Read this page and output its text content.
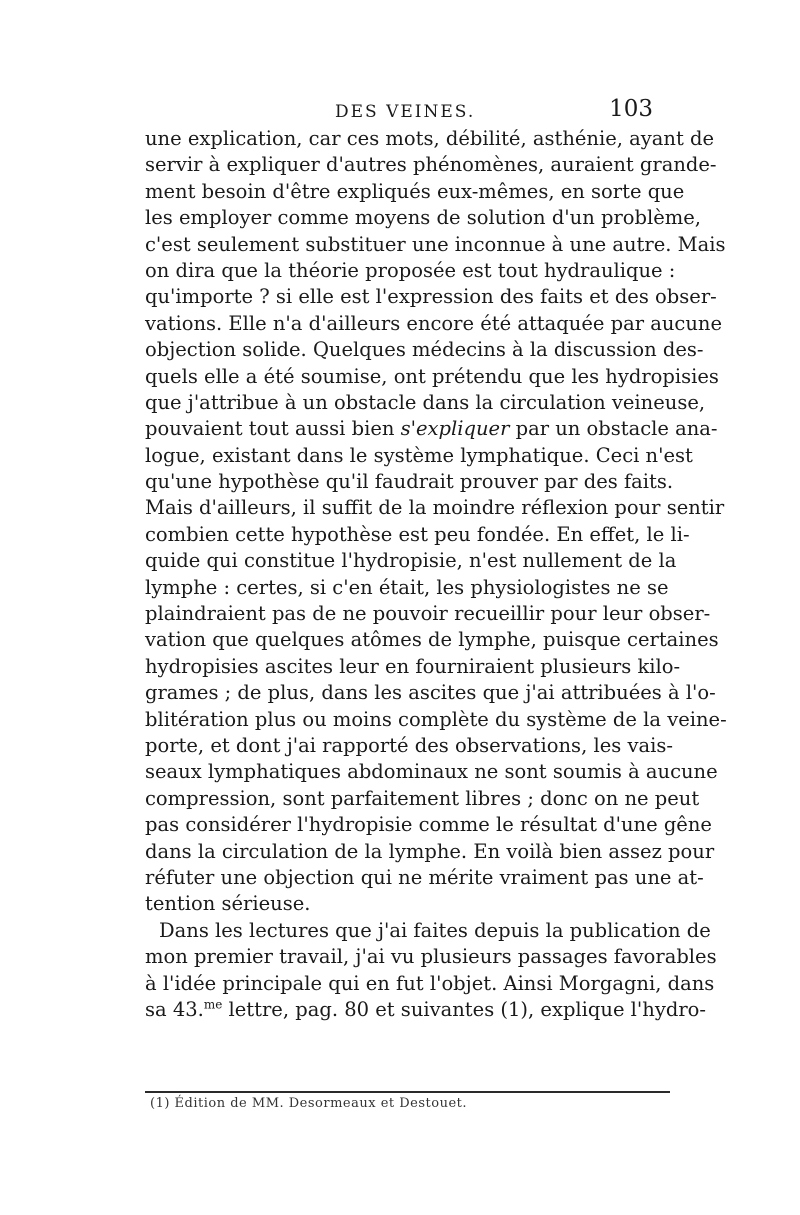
DES VEINES.	103
une explication, car ces mots, débilité, asthénie, ayant de
servir à expliquer d'autres phénomènes, auraient grande-
ment besoin d'être expliqués eux-mêmes, en sorte que
les employer comme moyens de solution d'un problème,
c'est seulement substituer une inconnue à une autre. Mais
on dira que la théorie proposée est tout hydraulique :
qu'importe ? si elle est l'expression des faits et des obser-
vations. Elle n'a d'ailleurs encore été attaquée par aucune
objection solide. Quelques médecins à la discussion des-
quels elle a été soumise, ont prétendu que les hydropisies
que j'attribue à un obstacle dans la circulation veineuse,
pouvaient tout aussi bien s'expliquer par un obstacle ana-
logue, existant dans le système lymphatique. Ceci n'est
qu'une hypothèse qu'il faudrait prouver par des faits.
Mais d'ailleurs, il suffit de la moindre réflexion pour sentir
combien cette hypothèse est peu fondée. En effet, le li-
quide qui constitue l'hydropisie, n'est nullement de la
lymphe : certes, si c'en était, les physiologistes ne se
plaindraient pas de ne pouvoir recueillir pour leur obser-
vation que quelques atômes de lymphe, puisque certaines
hydropisies ascites leur en fourniraient plusieurs kilo-
grames ; de plus, dans les ascites que j'ai attribuées à l'o-
blitération plus ou moins complète du système de la veine-
porte, et dont j'ai rapporté des observations, les vais-
seaux lymphatiques abdominaux ne sont soumis à aucune
compression, sont parfaitement libres ; donc on ne peut
pas considérer l'hydropisie comme le résultat d'une gêne
dans la circulation de la lymphe. En voilà bien assez pour
réfuter une objection qui ne mérite vraiment pas une at-
tention sérieuse.
Dans les lectures que j'ai faites depuis la publication de
mon premier travail, j'ai vu plusieurs passages favorables
à l'idée principale qui en fut l'objet. Ainsi Morgagni, dans
sa 43.$^{me}$ lettre, pag. 80 et suivantes (1), explique l'hydro-
(1) Édition de MM. Desormeaux et Destouet.
